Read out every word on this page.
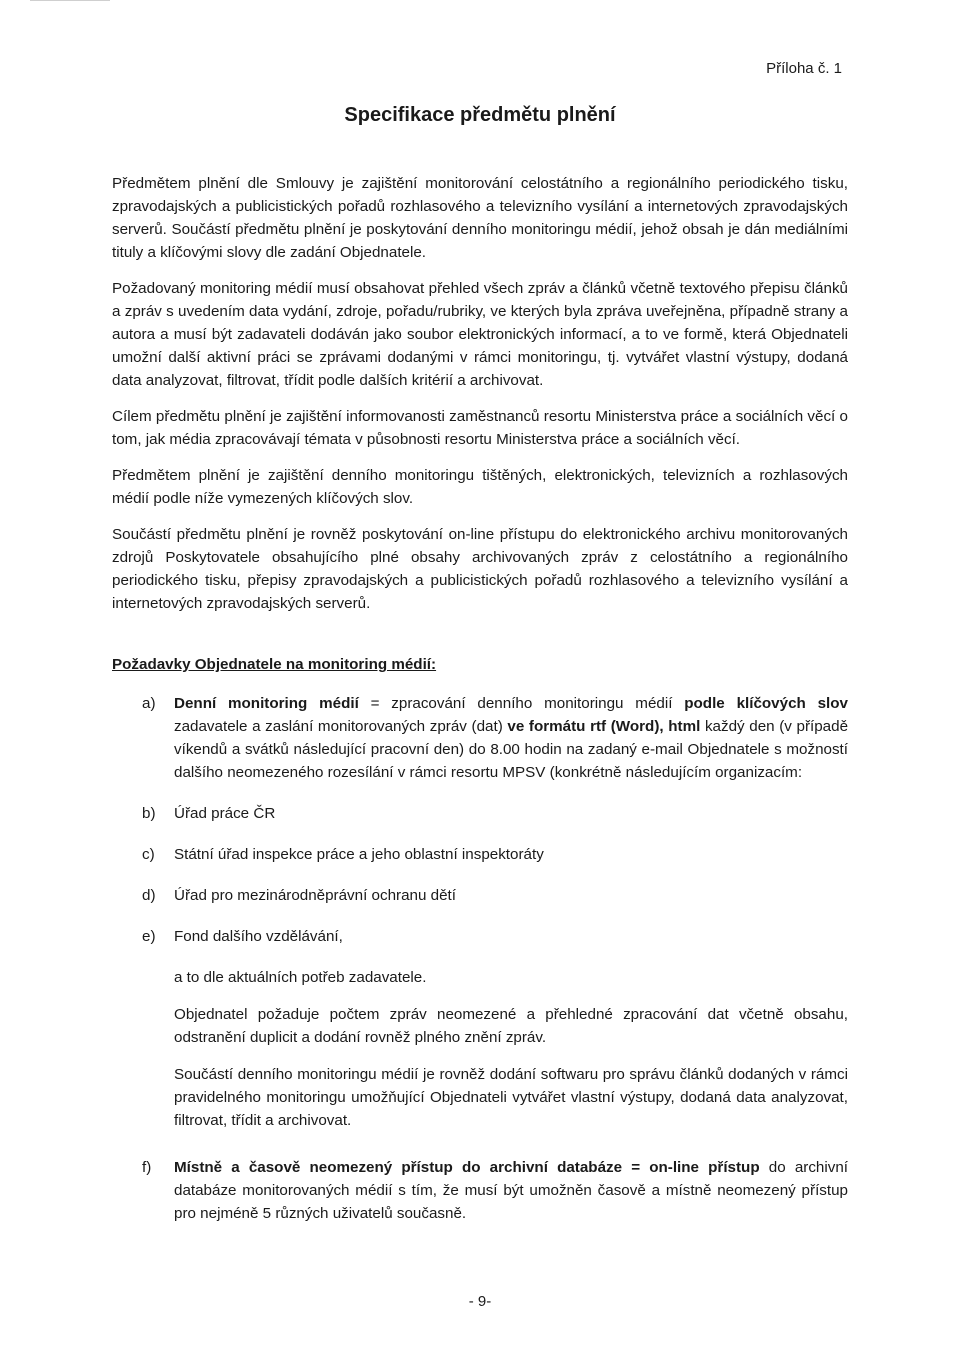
Příloha č. 1
Specifikace předmětu plnění

Předmětem plnění dle Smlouvy je zajištění monitorování celostátního a regionálního periodického tisku, zpravodajských a publicistických pořadů rozhlasového a televizního vysílání a internetových zpravodajských serverů. Součástí předmětu plnění je poskytování denního monitoringu médií, jehož obsah je dán mediálními tituly a klíčovými slovy dle zadání Objednatele.

Požadovaný monitoring médií musí obsahovat přehled všech zpráv a článků včetně textového přepisu článků a zpráv s uvedením data vydání, zdroje, pořadu/rubriky, ve kterých byla zpráva uveřejněna, případně strany a autora a musí být zadavateli dodáván jako soubor elektronických informací, a to ve formě, která Objednateli umožní další aktivní práci se zprávami dodanými v rámci monitoringu, tj. vytvářet vlastní výstupy, dodaná data analyzovat, filtrovat, třídit podle dalších kritérií a archivovat.

Cílem předmětu plnění je zajištění informovanosti zaměstnanců resortu Ministerstva práce a sociálních věcí o tom, jak média zpracovávají témata v působnosti resortu Ministerstva práce a sociálních věcí.

Předmětem plnění je zajištění denního monitoringu tištěných, elektronických, televizních a rozhlasových médií podle níže vymezených klíčových slov.

Součástí předmětu plnění je rovněž poskytování on-line přístupu do elektronického archivu monitorovaných zdrojů Poskytovatele obsahujícího plné obsahy archivovaných zpráv z celostátního a regionálního periodického tisku, přepisy zpravodajských a publicistických pořadů rozhlasového a televizního vysílání a internetových zpravodajských serverů.

Požadavky Objednatele na monitoring médií:
a) Denní monitoring médií = zpracování denního monitoringu médií podle klíčových slov zadavatele a zaslání monitorovaných zpráv (dat) ve formátu rtf (Word), html každý den (v případě víkendů a svátků následující pracovní den) do 8.00 hodin na zadaný e-mail Objednatele s možností dalšího neomezeného rozesílání v rámci resortu MPSV (konkrétně následujícím organizacím:
b) Úřad práce ČR
c) Státní úřad inspekce práce a jeho oblastní inspektoráty
d) Úřad pro mezinárodněprávní ochranu dětí
e) Fond dalšího vzdělávání,
a to dle aktuálních potřeb zadavatele.
Objednatel požaduje počtem zpráv neomezené a přehledné zpracování dat včetně obsahu, odstranění duplicit a dodání rovněž plného znění zpráv.
Součástí denního monitoringu médií je rovněž dodání softwaru pro správu článků dodaných v rámci pravidelného monitoringu umožňující Objednateli vytvářet vlastní výstupy, dodaná data analyzovat, filtrovat, třídit a archivovat.
f) Místně a časově neomezený přístup do archivní databáze = on-line přístup do archivní databáze monitorovaných médií s tím, že musí být umožněn časově a místně neomezený přístup pro nejméně 5 různých uživatelů současně.
- 9-
